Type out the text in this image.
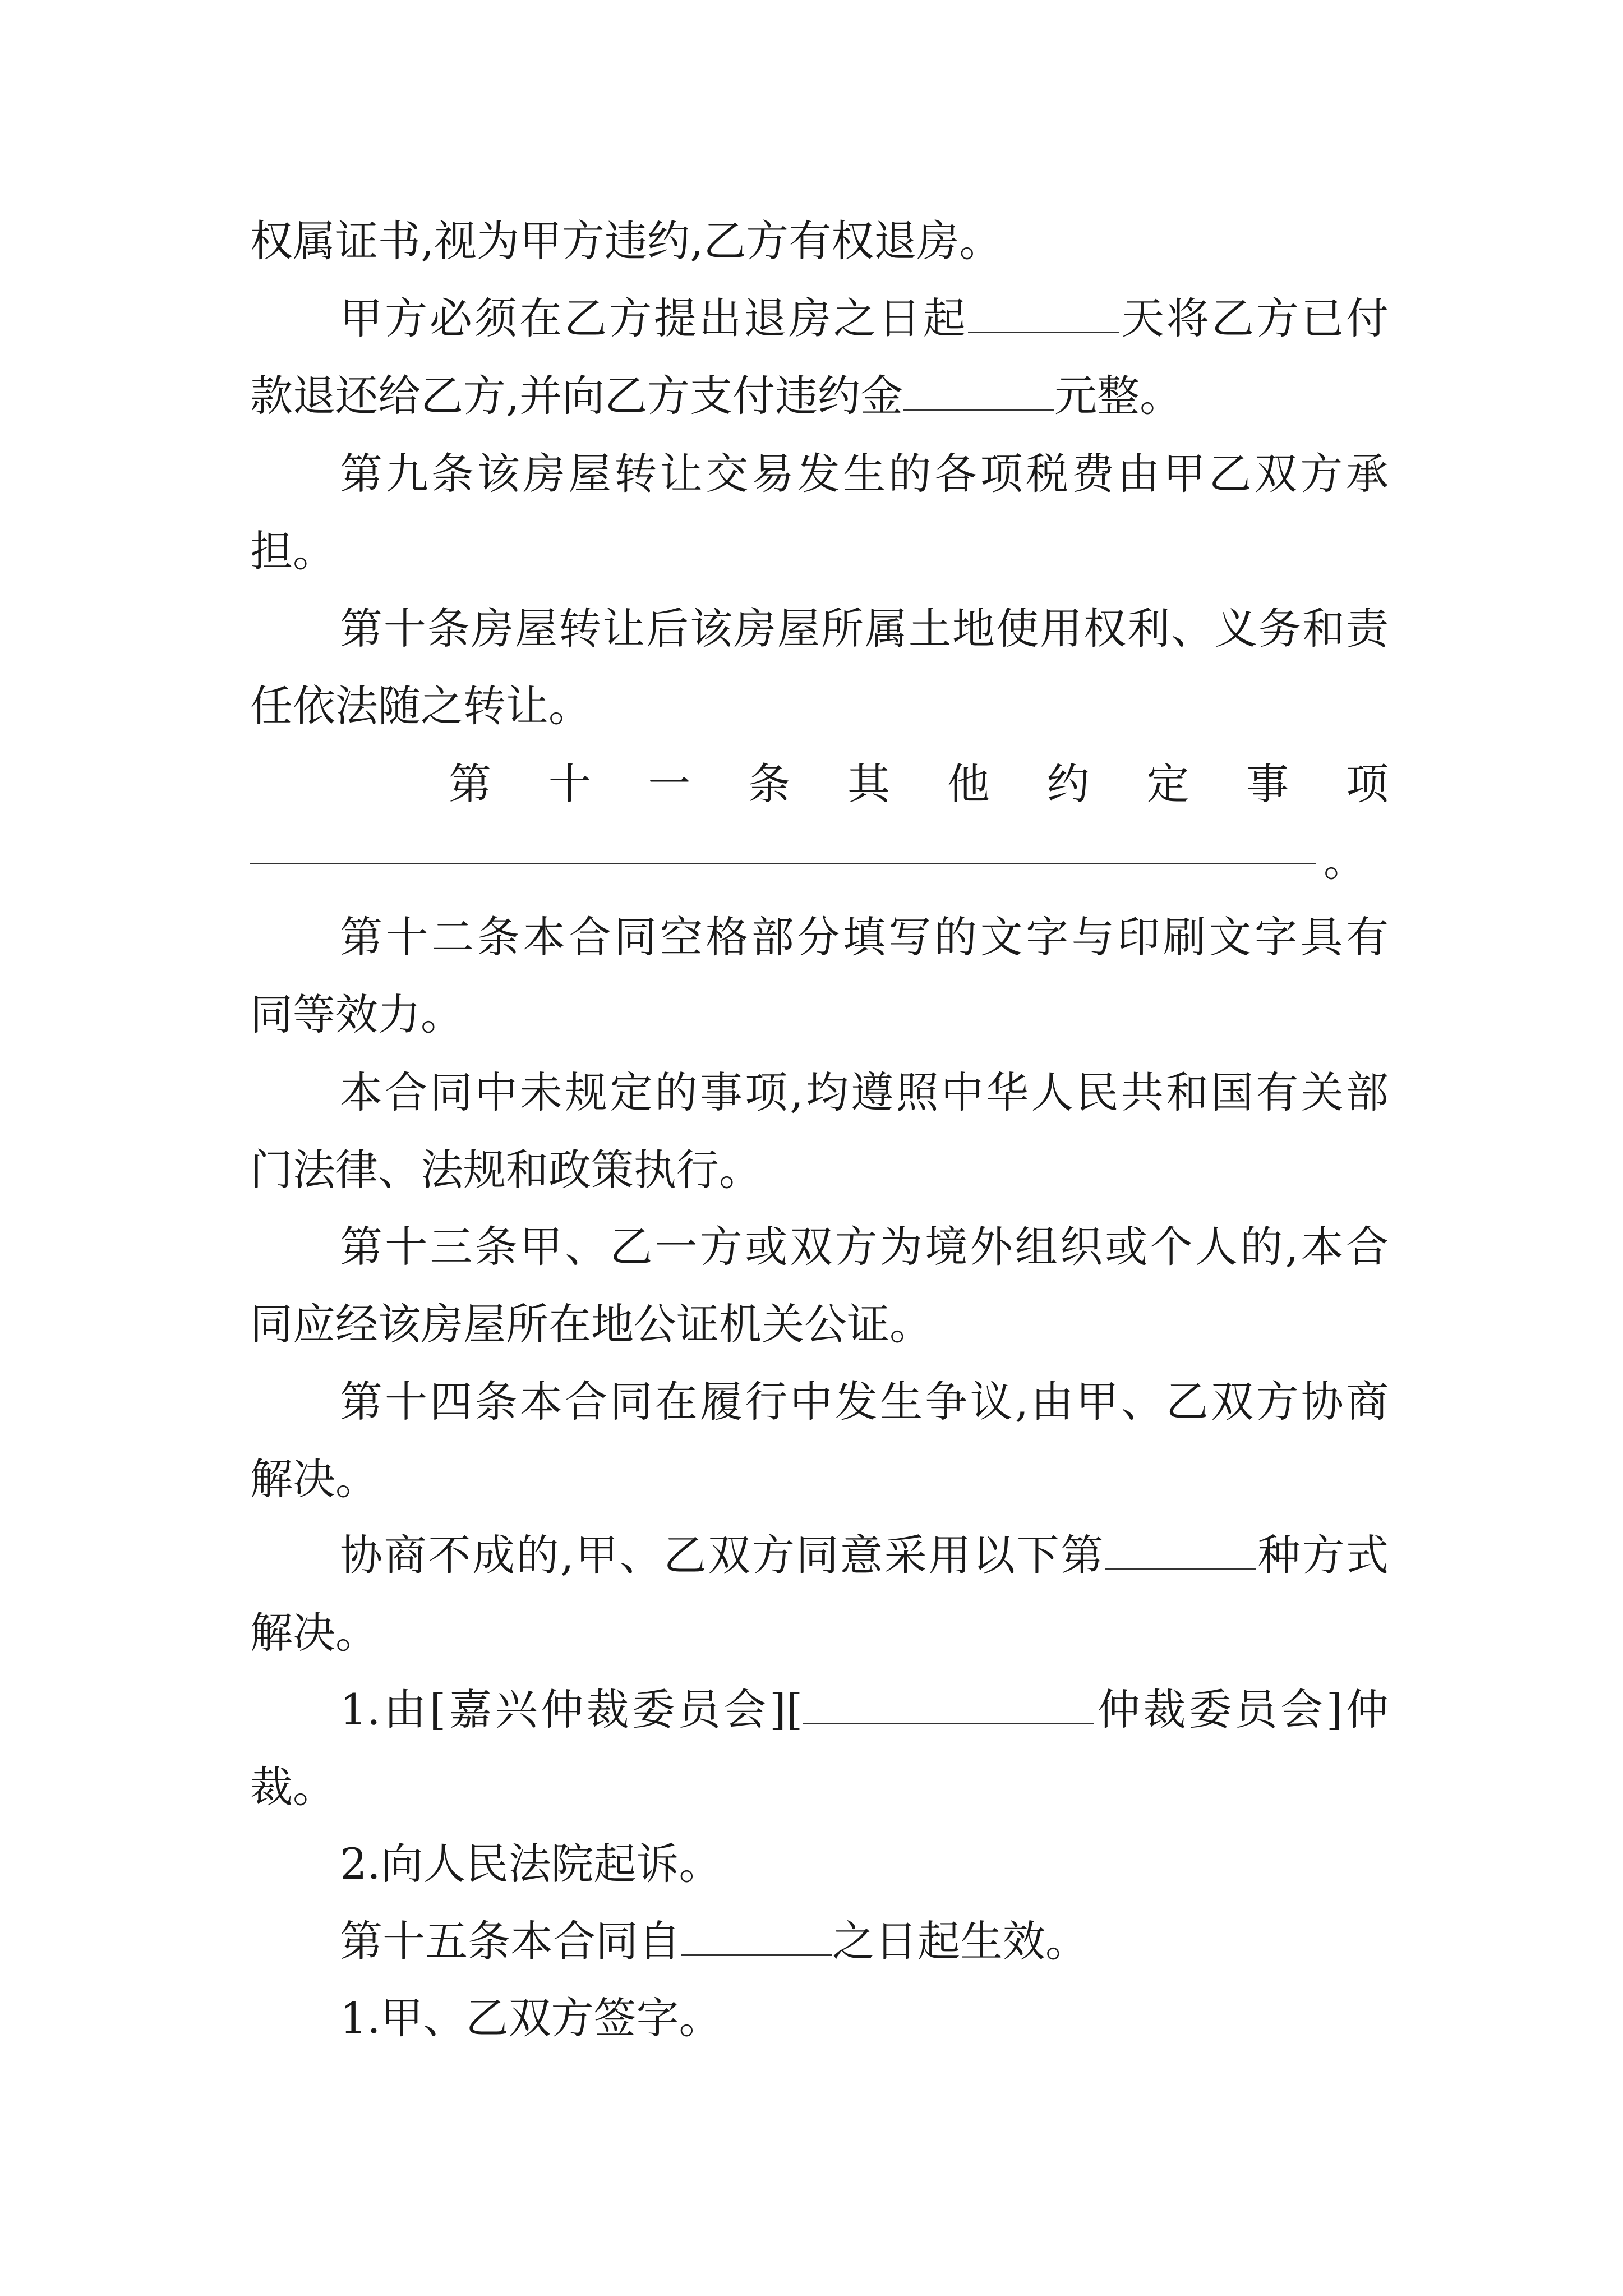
权属证书,视为甲方违约,乙方有权退房。
甲方必须在乙方提出退房之日起	天将乙方已付
款退还给乙方,并向乙方支付违约金	元整。
第九条该房屋转让交易发生的各项税费由甲乙双方承
担。
第十条房屋转让后该房屋所属土地使用权利、义务和责
任依法随之转让。
第十一条其他约定事项
。
第十二条本合同空格部分填写的文字与印刷文字具有
同等效力。
本合同中未规定的事项,均遵照中华人民共和国有关部
门法律、法规和政策执行。
第十三条甲、乙一方或双方为境外组织或个人的,本合
同应经该房屋所在地公证机关公证。
第十四条本合同在履行中发生争议,由甲、乙双方协商
解决。
协商不成的,甲、乙双方同意采用以下第	种方式
解决。
1.由[嘉兴仲裁委员会][	仲裁委员会]仲
裁。
2.向人民法院起诉。
第十五条本合同自	之日起生效。
1.甲、乙双方签字。
